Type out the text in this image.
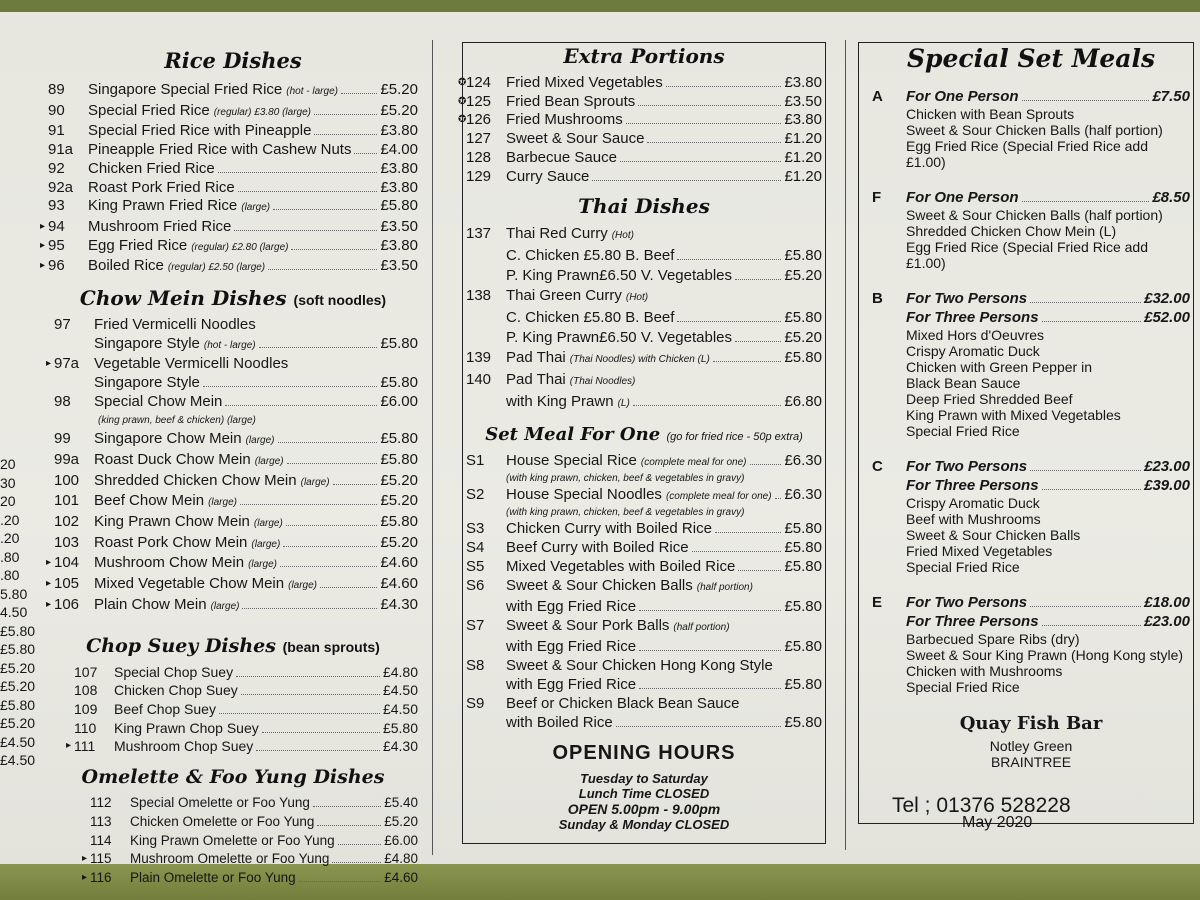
20
30
20
.20
.20
.80
.80
5.80
4.50
£5.80
£5.80
£5.20
£5.20
£5.80
£5.20
£4.50
£4.50
Rice Dishes
89	Singapore Special Fried Rice (hot - large)	£5.20
90	Special Fried Rice (regular) £3.80 (large)	£5.20
91	Special Fried Rice with Pineapple	£3.80
91a Pineapple Fried Rice with Cashew Nuts £4.00
92	Chicken Fried Rice	£3.80
92a Roast Pork Fried Rice	£3.80
93	King Prawn Fried Rice (large)	£5.80
▸ 94	Mushroom Fried Rice	£3.50
▸ 95	Egg Fried Rice (regular) £2.80 (large)	£3.80
▸ 96	Boiled Rice (regular) £2.50 (large)	£3.50
Chow Mein Dishes (soft noodles)
97	Fried Vermicelli Noodles
Singapore Style (hot - large)	£5.80
▸ 97a Vegetable Vermicelli Noodles
Singapore Style	£5.80
98	Special Chow Mein	£6.00
(king prawn, beef & chicken) (large)
99	Singapore Chow Mein (large)	£5.80
99a Roast Duck Chow Mein (large)	£5.80
100 Shredded Chicken Chow Mein (large)	£5.20
101 Beef Chow Mein (large)	£5.20
102 King Prawn Chow Mein (large)	£5.80
103 Roast Pork Chow Mein (large)	£5.20
▸ 104 Mushroom Chow Mein (large)	£4.60
▸ 105 Mixed Vegetable Chow Mein (large)	£4.60
▸ 106 Plain Chow Mein (large)	£4.30
Chop Suey Dishes (bean sprouts)
107	Special Chop Suey	£4.80
108	Chicken Chop Suey	£4.50
109	Beef Chop Suey	£4.50
110	King Prawn Chop Suey	£5.80
▸ 111	Mushroom Chop Suey	£4.30
Omelette & Foo Yung Dishes
112	Special Omelette or Foo Yung	£5.40
113	Chicken Omelette or Foo Yung	£5.20
114	King Prawn Omelette or Foo Yung	£6.00
▸ 115	Mushroom Omelette or Foo Yung	£4.80
▸ 116	Plain Omelette or Foo Yung	£4.60
Extra Portions
✪ 124 Fried Mixed Vegetables	£3.80
✪ 125 Fried Bean Sprouts	£3.50
✪ 126 Fried Mushrooms	£3.80
127 Sweet & Sour Sauce	£1.20
128 Barbecue Sauce	£1.20
129 Curry Sauce	£1.20
Thai Dishes
137 Thai Red Curry (Hot)
C. Chicken £5.80 B. Beef	£5.80
P. King Prawn£6.50 V. Vegetables	£5.20
138 Thai Green Curry (Hot)
C. Chicken £5.80 B. Beef	£5.80
P. King Prawn£6.50 V. Vegetables	£5.20
139 Pad Thai (Thai Noodles) with Chicken (L)	£5.80
140 Pad Thai (Thai Noodles)
with King Prawn (L)	£6.80
Set Meal For One (go for fried rice - 50p extra)
S1	House Special Rice (complete meal for one)	£6.30
(with king prawn, chicken, beef & vegetables in gravy)
S2	House Special Noodles (complete meal for one) £6.30
(with king prawn, chicken, beef & vegetables in gravy)
S3	Chicken Curry with Boiled Rice	£5.80
S4	Beef Curry with Boiled Rice	£5.80
S5	Mixed Vegetables with Boiled Rice	£5.80
S6	Sweet & Sour Chicken Balls (half portion)
with Egg Fried Rice	£5.80
S7	Sweet & Sour Pork Balls (half portion)
with Egg Fried Rice	£5.80
S8	Sweet & Sour Chicken Hong Kong Style
with Egg Fried Rice	£5.80
S9	Beef or Chicken Black Bean Sauce
with Boiled Rice	£5.80
OPENING HOURS
Tuesday to Saturday
Lunch Time CLOSED
OPEN 5.00pm - 9.00pm
Sunday & Monday CLOSED
Special Set Meals
A	For One Person	£7.50
Chicken with Bean Sprouts
Sweet & Sour Chicken Balls (half portion)
Egg Fried Rice (Special Fried Rice add £1.00)
F	For One Person	£8.50
Sweet & Sour Chicken Balls (half portion)
Shredded Chicken Chow Mein (L)
Egg Fried Rice (Special Fried Rice add £1.00)
B	For Two Persons	£32.00
For Three Persons	£52.00
Mixed Hors d'Oeuvres
Crispy Aromatic Duck
Chicken with Green Pepper in
Black Bean Sauce
Deep Fried Shredded Beef
King Prawn with Mixed Vegetables
Special Fried Rice
C	For Two Persons	£23.00
For Three Persons	£39.00
Crispy Aromatic Duck
Beef with Mushrooms
Sweet & Sour Chicken Balls
Fried Mixed Vegetables
Special Fried Rice
E	For Two Persons	£18.00
For Three Persons	£23.00
Barbecued Spare Ribs (dry)
Sweet & Sour King Prawn (Hong Kong style)
Chicken with Mushrooms
Special Fried Rice
Quay Fish Bar
Notley Green
BRAINTREE
Tel ; 01376 528228
May 2020
